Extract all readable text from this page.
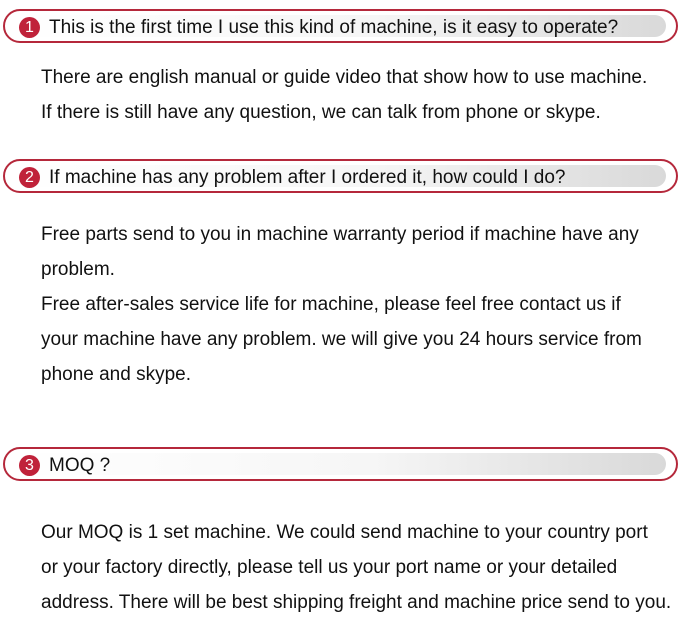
1 This is the first time I use this kind of machine, is it easy to operate?

There are english manual or guide video that show how to use machine.

If there is still have any question, we can talk from phone or skype.

2 If machine has any problem after I ordered it, how could I do?

Free parts send to you in machine warranty period if machine have any

problem.

Free after-sales service life for machine, please feel free contact us if

your machine have any problem. we will give you 24 hours service from

phone and skype.

3 MOQ ?

Our MOQ is 1 set machine. We could send machine to your country port

or your factory directly, please tell us your port name or your detailed

address. There will be best shipping freight and machine price send to you.
